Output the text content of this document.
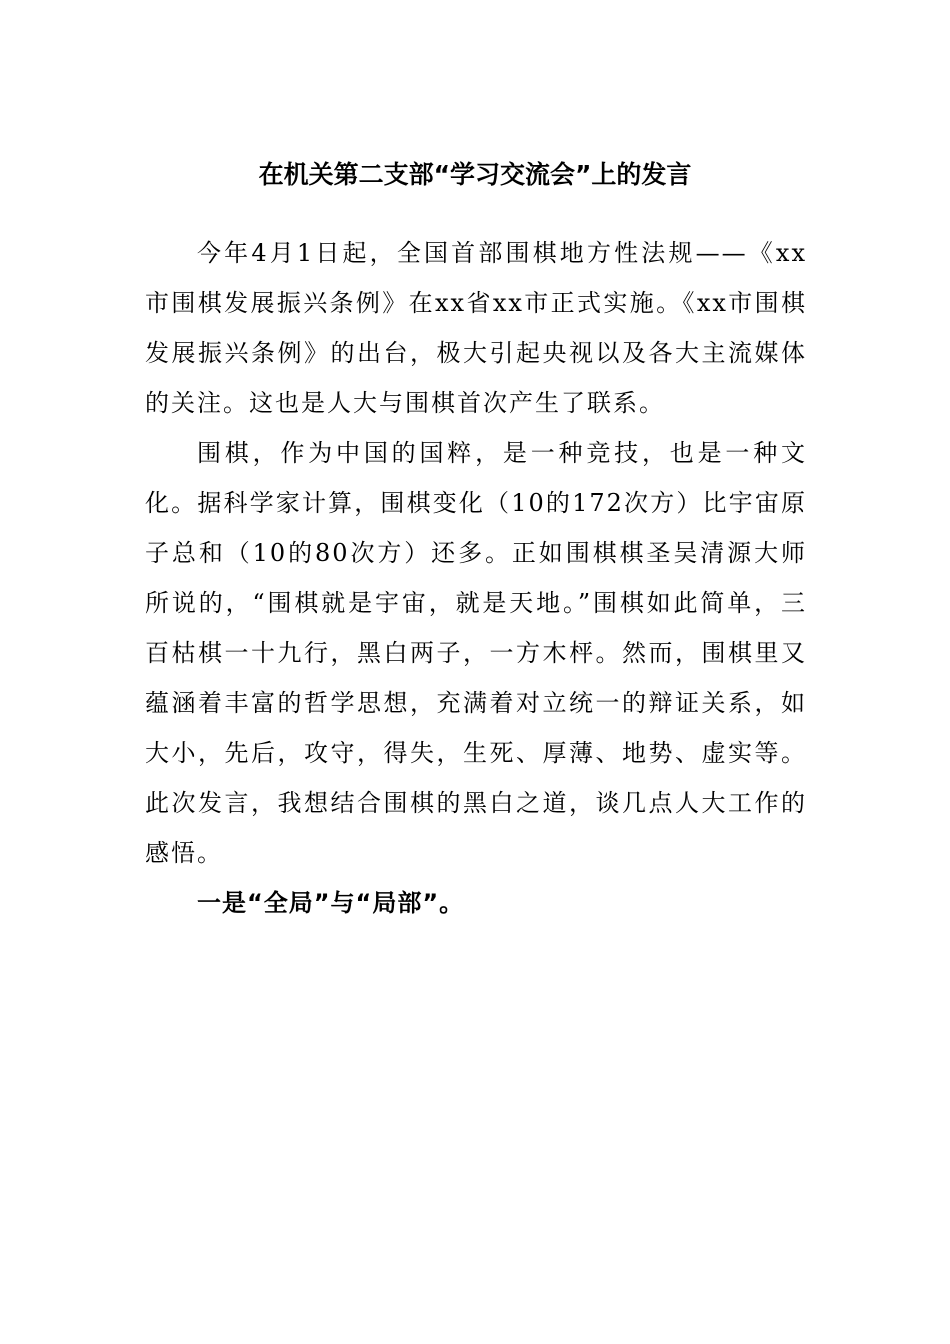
在机关第二支部“学习交流会”上的发言

今年4月1日起，全国首部围棋地方性法规——《xx市围棋发展振兴条例》在xx省xx市正式实施。《xx市围棋发展振兴条例》的出台，极大引起央视以及各大主流媒体的关注。这也是人大与围棋首次产生了联系。

围棋，作为中国的国粹，是一种竞技，也是一种文化。据科学家计算，围棋变化（10的172次方）比宇宙原子总和（10的80次方）还多。正如围棋棋圣吴清源大师所说的，“围棋就是宇宙，就是天地。”围棋如此简单，三百枯棋一十九行，黑白两子，一方木枰。然而，围棋里又蕴涵着丰富的哲学思想，充满着对立统一的辩证关系，如大小，先后，攻守，得失，生死、厚薄、地势、虚实等。此次发言，我想结合围棋的黑白之道，谈几点人大工作的感悟。

一是“全局”与“局部”。
